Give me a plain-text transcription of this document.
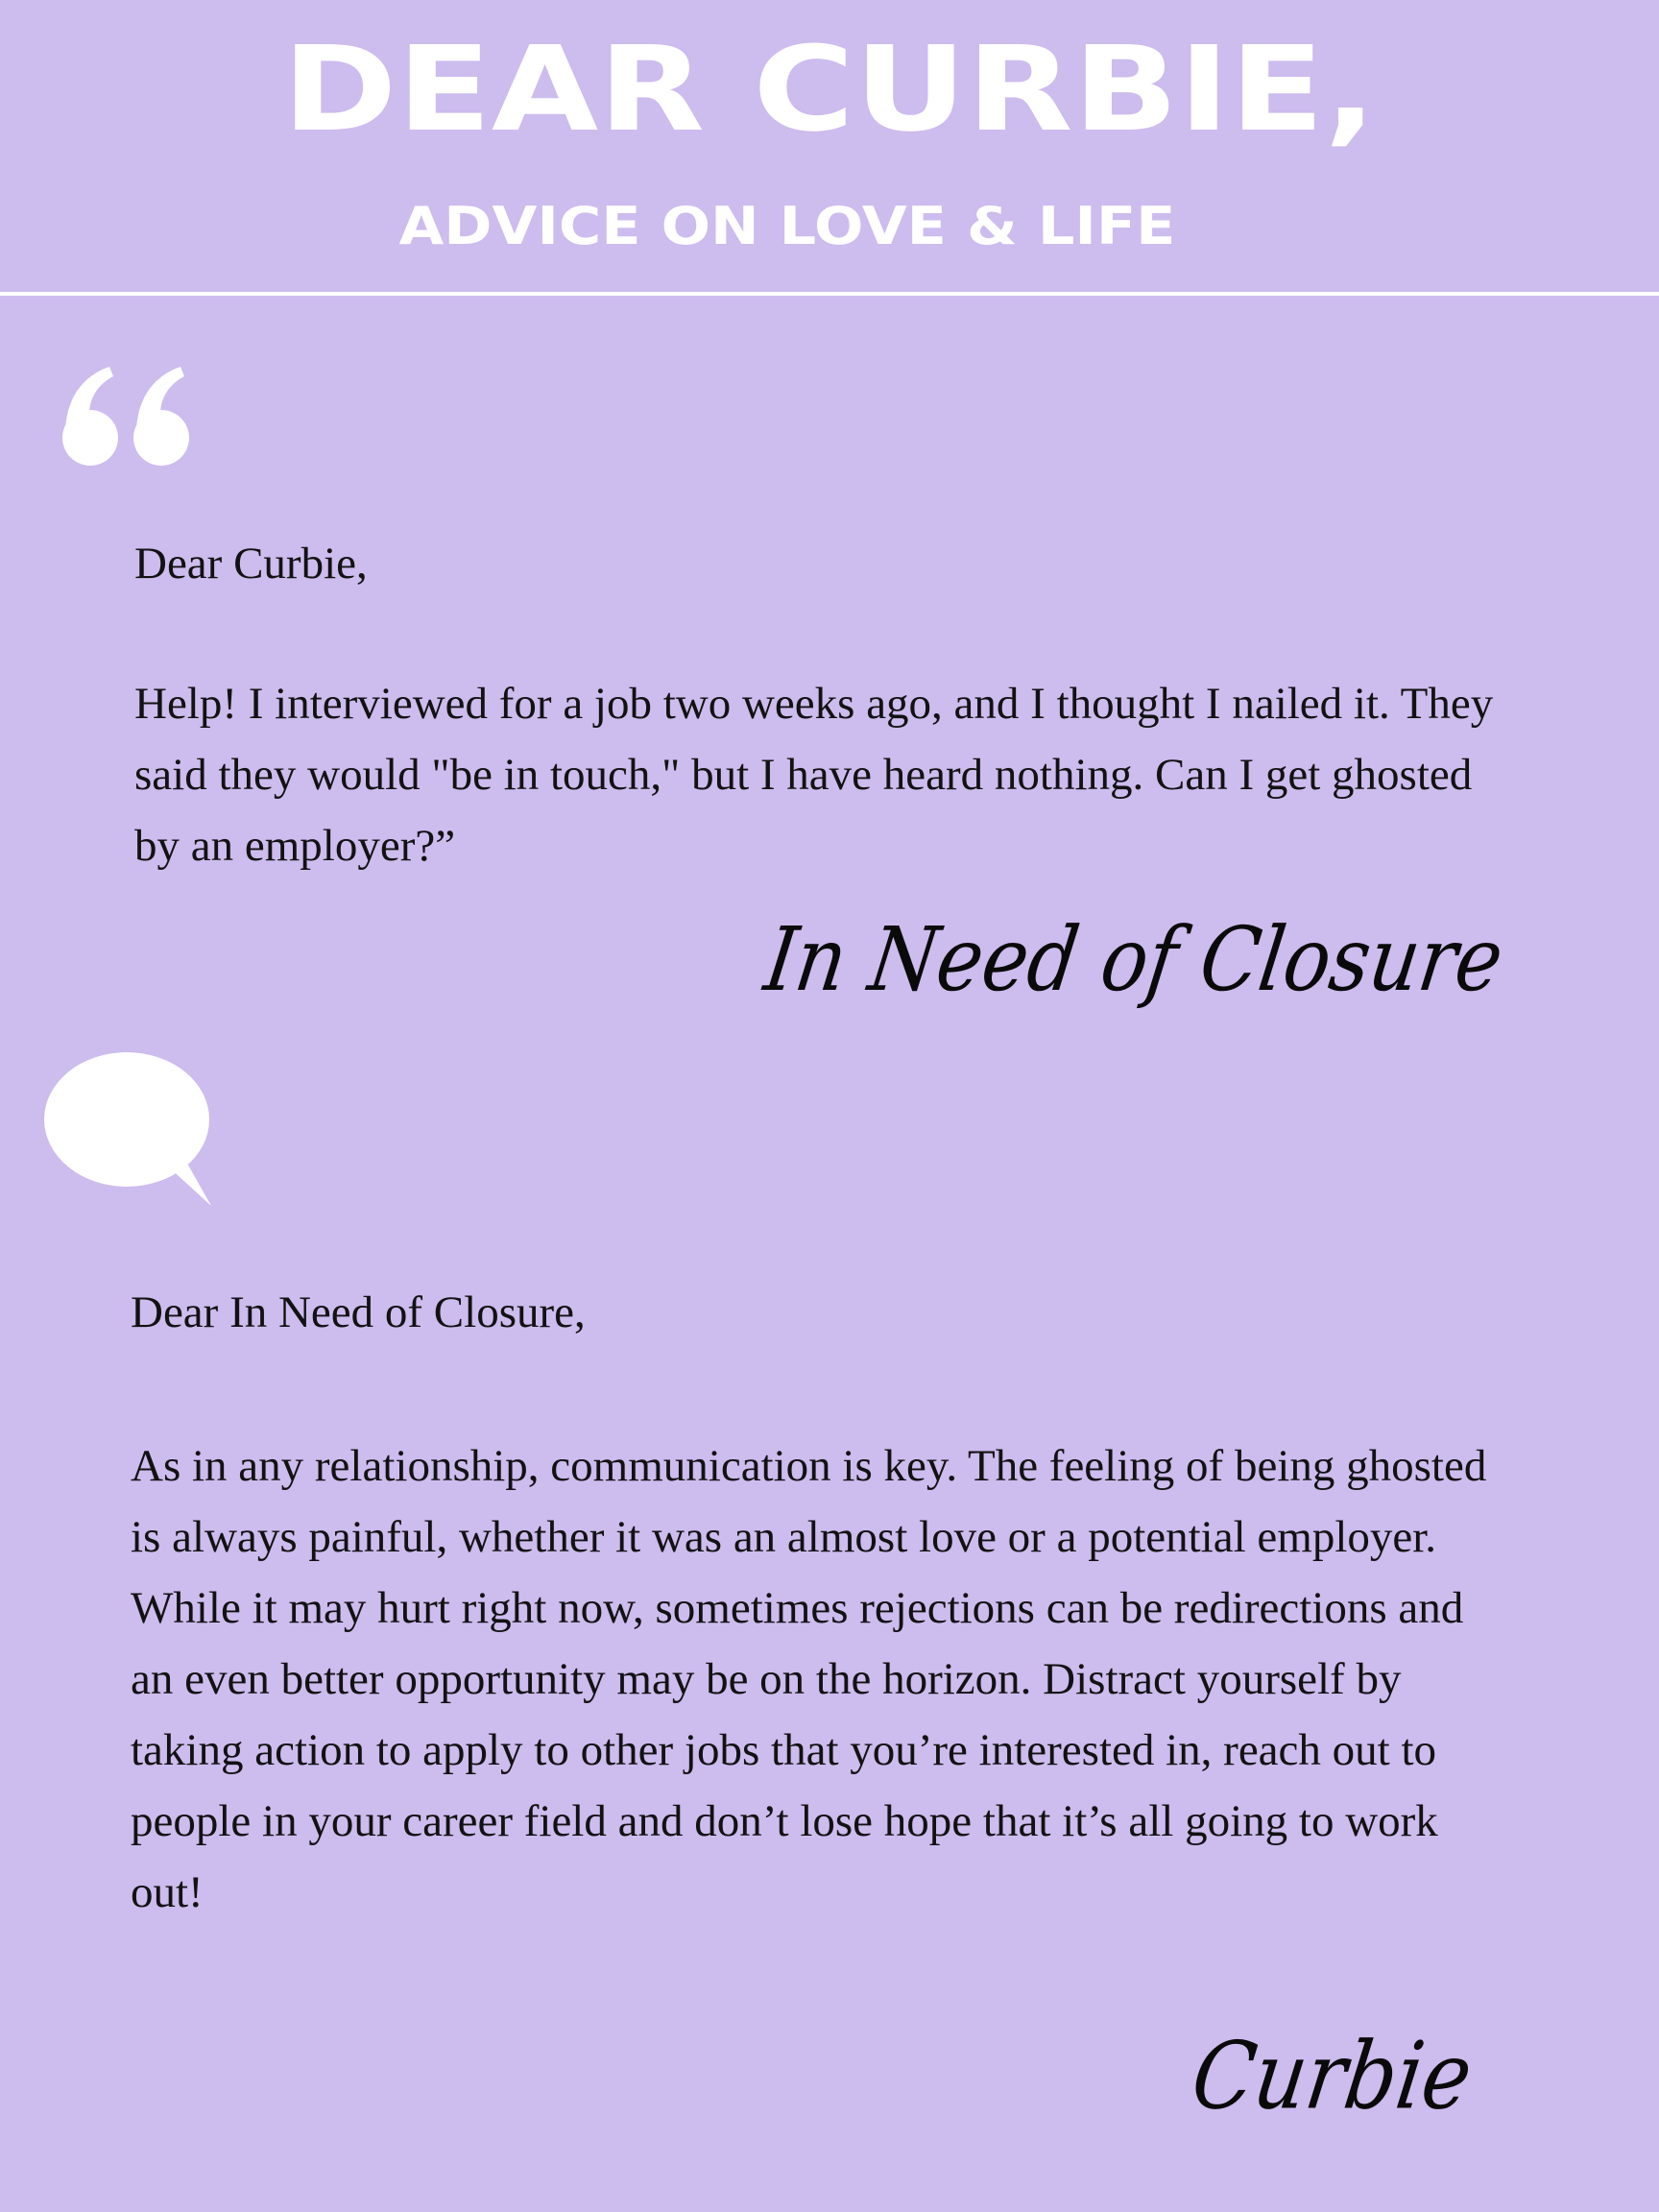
DEAR CURBIE,
ADVICE ON LOVE & LIFE

Dear Curbie,

Help! I interviewed for a job two weeks ago, and I thought I nailed it. They said they would "be in touch," but I have heard nothing. Can I get ghosted by an employer?”

In Need of Closure

Dear In Need of Closure,

As in any relationship, communication is key. The feeling of being ghosted is always painful, whether it was an almost love or a potential employer. While it may hurt right now, sometimes rejections can be redirections and an even better opportunity may be on the horizon. Distract yourself by taking action to apply to other jobs that you’re interested in, reach out to people in your career field and don’t lose hope that it’s all going to work out!

Curbie
